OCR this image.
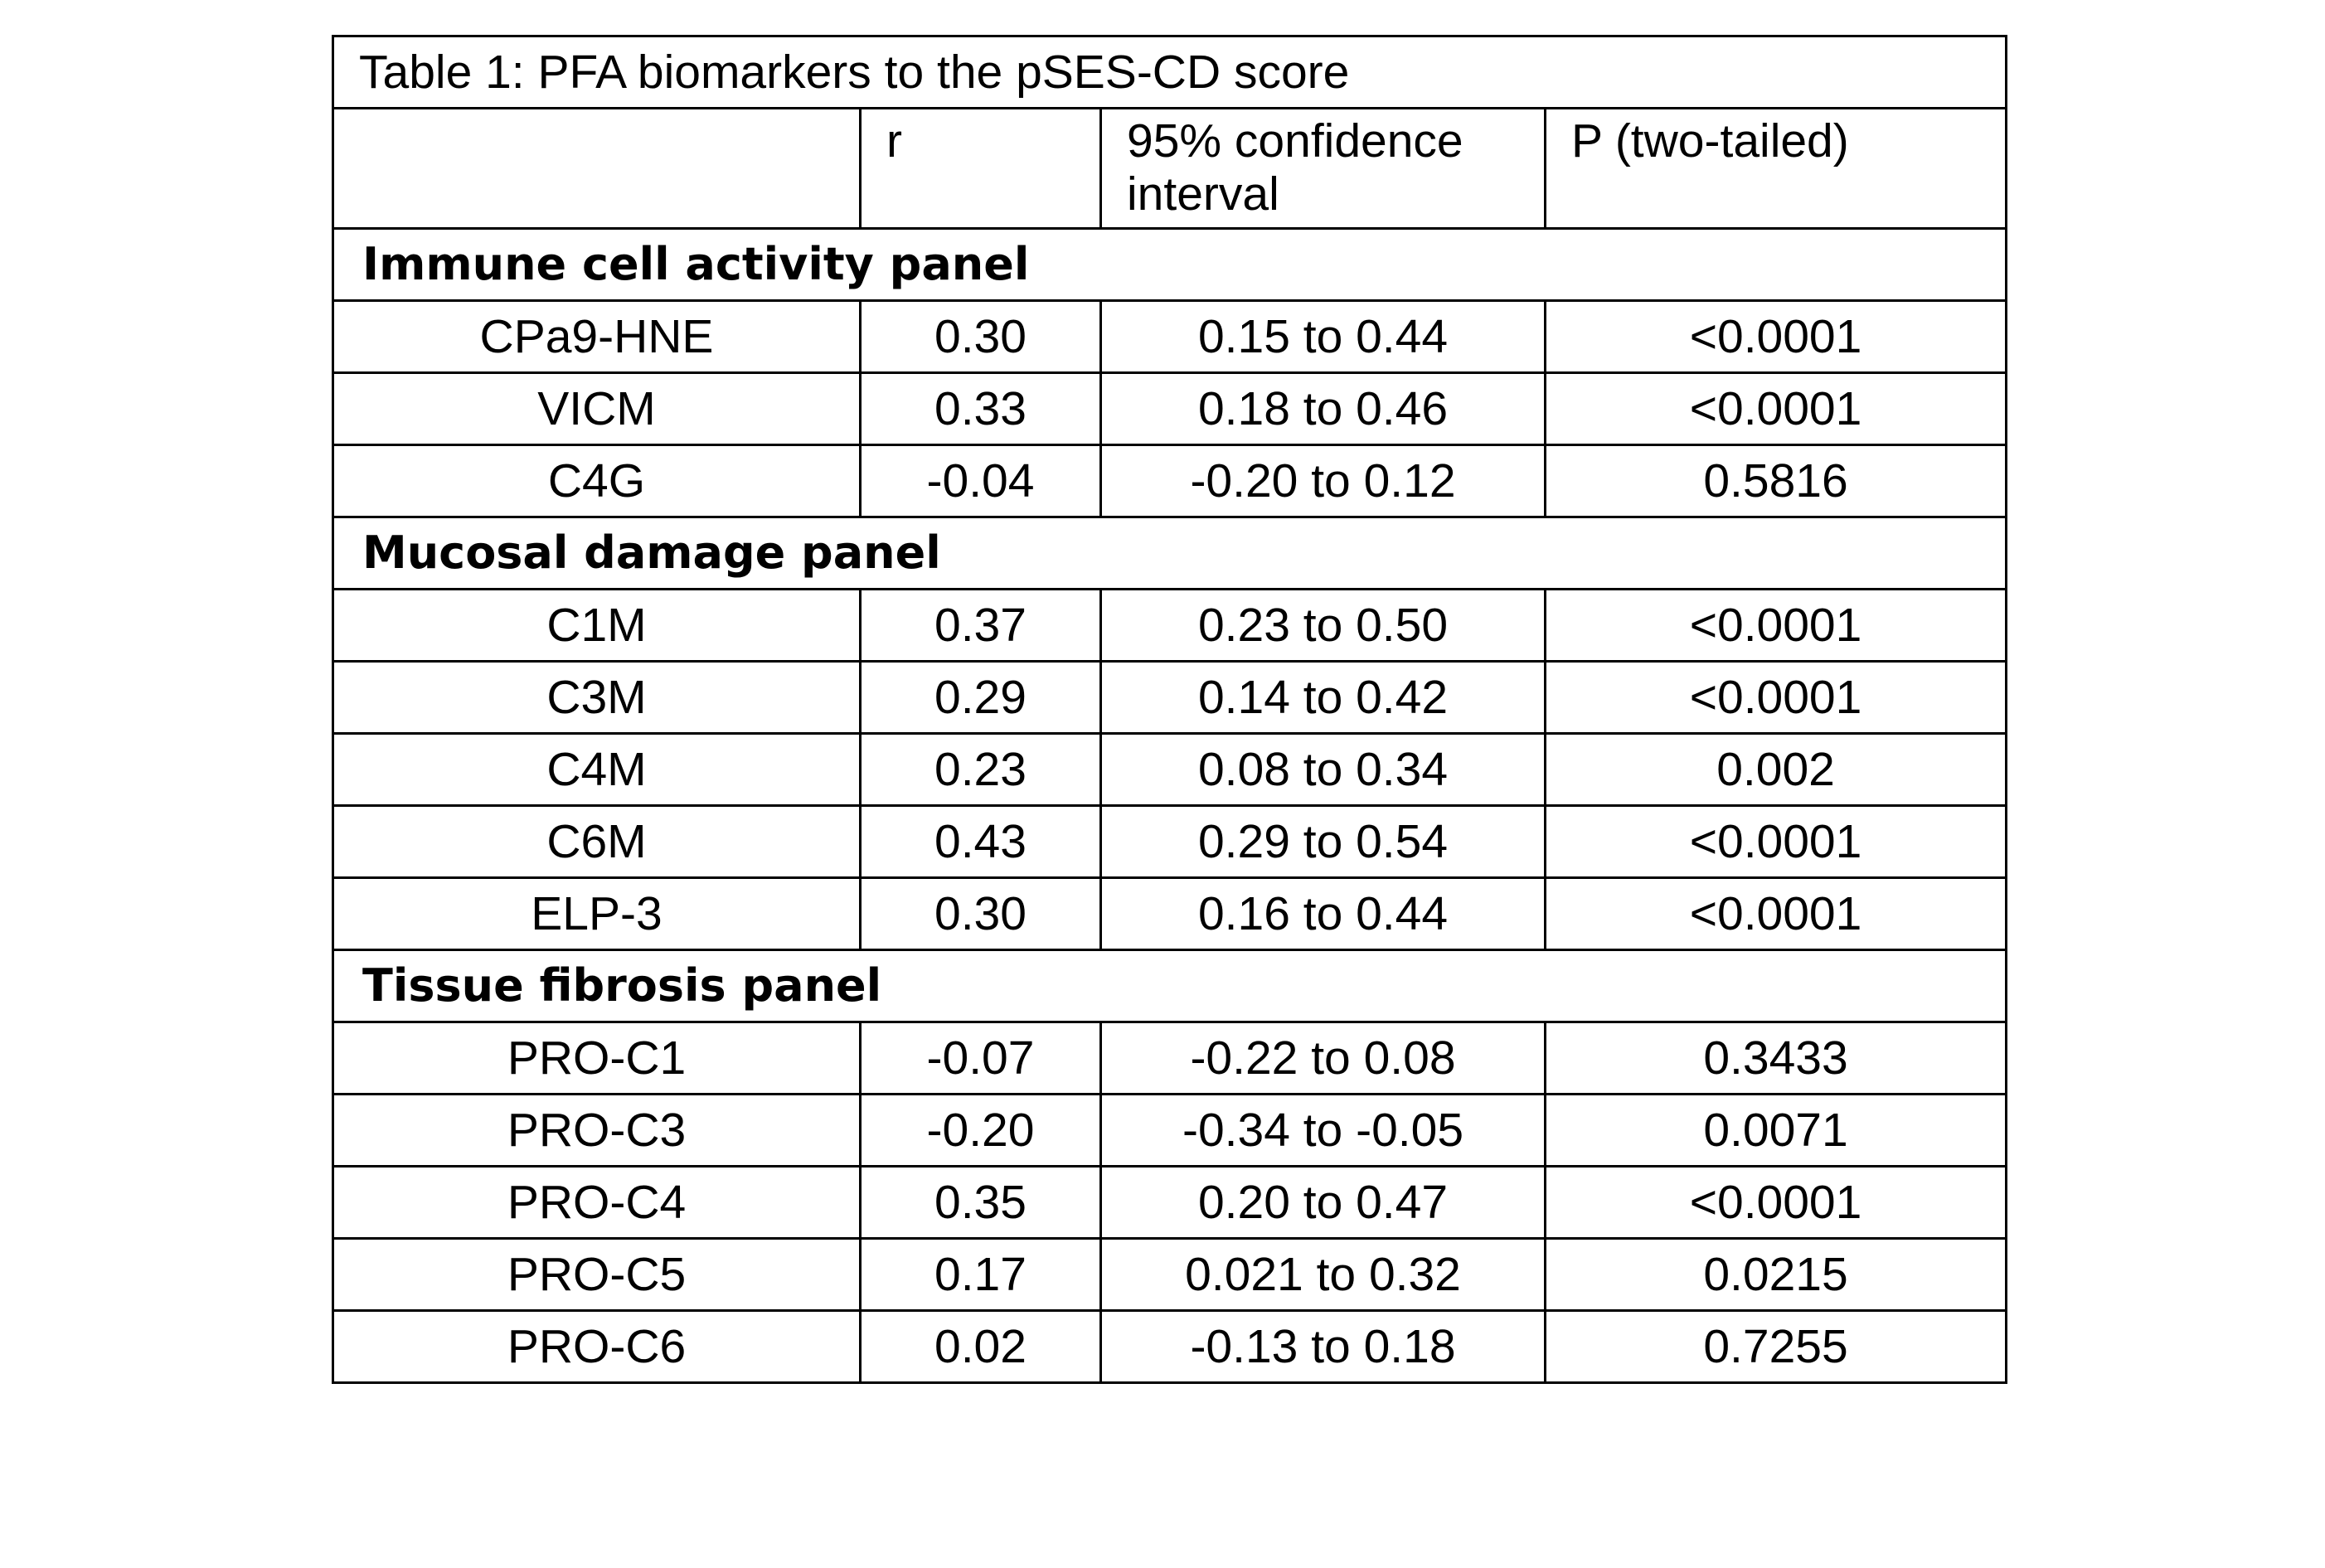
Table 1: PFA biomarkers to the pSES-CD score			
	r	95% confidence interval	P (two-tailed)
Immune cell activity panel			
CPa9-HNE	0.30	0.15 to 0.44	<0.0001
VICM	0.33	0.18 to 0.46	<0.0001
C4G	-0.04	-0.20 to 0.12	0.5816
Mucosal damage panel			
C1M	0.37	0.23 to 0.50	<0.0001
C3M	0.29	0.14 to 0.42	<0.0001
C4M	0.23	0.08 to 0.34	0.002
C6M	0.43	0.29 to 0.54	<0.0001
ELP-3	0.30	0.16 to 0.44	<0.0001
Tissue fibrosis panel			
PRO-C1	-0.07	-0.22 to 0.08	0.3433
PRO-C3	-0.20	-0.34 to -0.05	0.0071
PRO-C4	0.35	0.20 to 0.47	<0.0001
PRO-C5	0.17	0.021 to 0.32	0.0215
PRO-C6	0.02	-0.13 to 0.18	0.7255
